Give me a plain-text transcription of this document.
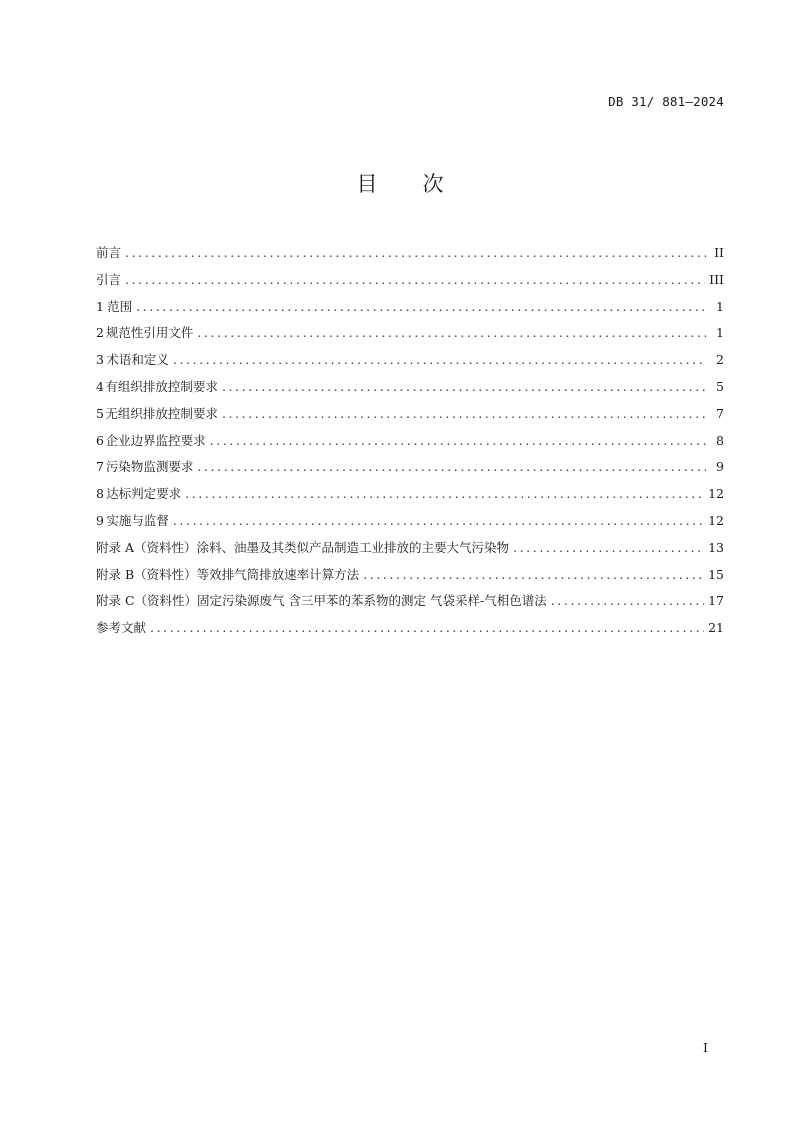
DB 31/ 881—2024
目 次
前言 .....	II
引言 .....	III
1 范围 .....	1
2 规范性引用文件 .....	1
3 术语和定义 .....	2
4 有组织排放控制要求 .....	5
5 无组织排放控制要求 .....	7
6 企业边界监控要求 .....	8
7 污染物监测要求 .....	9
8 达标判定要求 .....	12
9 实施与监督 .....	12
附录 A（资料性） 涂料、油墨及其类似产品制造工业排放的主要大气污染物 .....	13
附录 B（资料性） 等效排气筒排放速率计算方法 .....	15
附录 C（资料性） 固定污染源废气 含三甲苯的苯系物的测定 气袋采样-气相色谱法 .....	17
参考文献 .....	21
I
